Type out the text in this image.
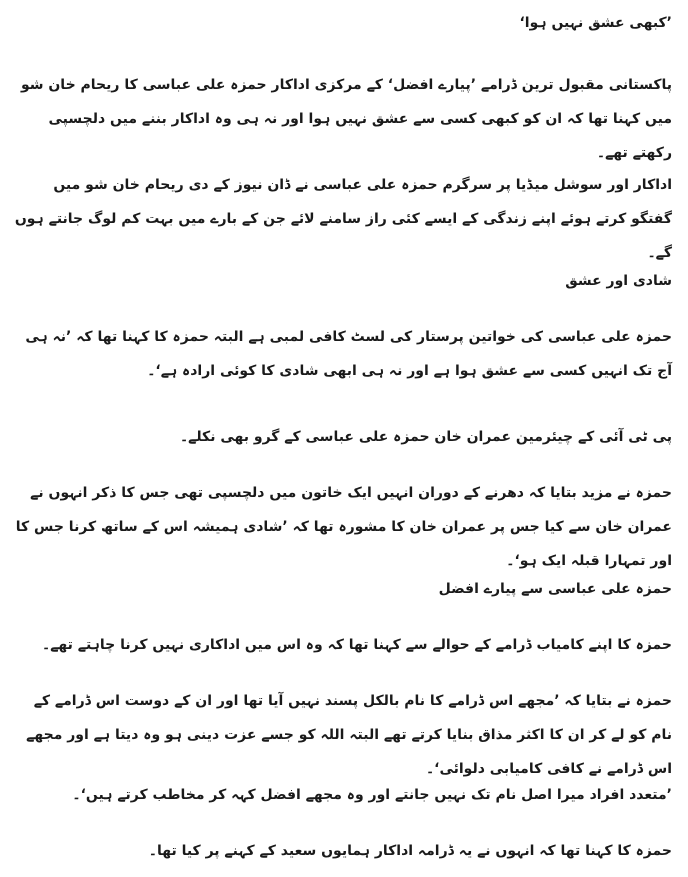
’کبھی عشق نہیں ہوا‘

پاکستانی مقبول ترین ڈرامے ’پیارے افضل‘ کے مرکزی اداکار حمزہ علی عباسی کا ریحام خان شو میں کہنا تھا کہ ان کو کبھی کسی سے عشق نہیں ہوا اور نہ ہی وہ اداکار بننے میں دلچسپی رکھتے تھے۔

اداکار اور سوشل میڈیا پر سرگرم حمزہ علی عباسی نے ڈان نیوز کے دی ریحام خان شو میں گفتگو کرتے ہوئے اپنے زندگی کے ایسے کئی راز سامنے لائے جن کے بارے میں بہت کم لوگ جانتے ہوں گے۔

شادی اور عشق

حمزہ علی عباسی کی خواتین پرستار کی لسٹ کافی لمبی ہے البتہ حمزہ کا کہنا تھا کہ ’نہ ہی آج تک انہیں کسی سے عشق ہوا ہے اور نہ ہی ابھی شادی کا کوئی ارادہ ہے‘۔

پی ٹی آئی کے چیئرمین عمران خان حمزہ علی عباسی کے گرو بھی نکلے۔

حمزہ نے مزید بتایا کہ دھرنے کے دوران انہیں ایک خاتون میں دلچسپی تھی جس کا ذکر انہوں نے عمران خان سے کیا جس پر عمران خان کا مشورہ تھا کہ ’شادی ہمیشہ اس کے ساتھ کرنا جس کا اور تمہارا قبلہ ایک ہو‘۔

حمزہ علی عباسی سے پیارے افضل

حمزہ کا اپنے کامیاب ڈرامے کے حوالے سے کہنا تھا کہ وہ اس میں اداکاری نہیں کرنا چاہتے تھے۔

حمزہ نے بتایا کہ ’مجھے اس ڈرامے کا نام بالکل پسند نہیں آیا تھا اور ان کے دوست اس ڈرامے کے نام کو لے کر ان کا اکثر مذاق بنایا کرتے تھے البتہ اللہ کو جسے عزت دینی ہو وہ دیتا ہے اور مجھے اس ڈرامے نے کافی کامیابی دلوائی‘۔

’متعدد افراد میرا اصل نام تک نہیں جانتے اور وہ مجھے افضل کہہ کر مخاطب کرتے ہیں‘۔

حمزہ کا کہنا تھا کہ انہوں نے یہ ڈرامہ اداکار ہمایوں سعید کے کہنے پر کیا تھا۔
